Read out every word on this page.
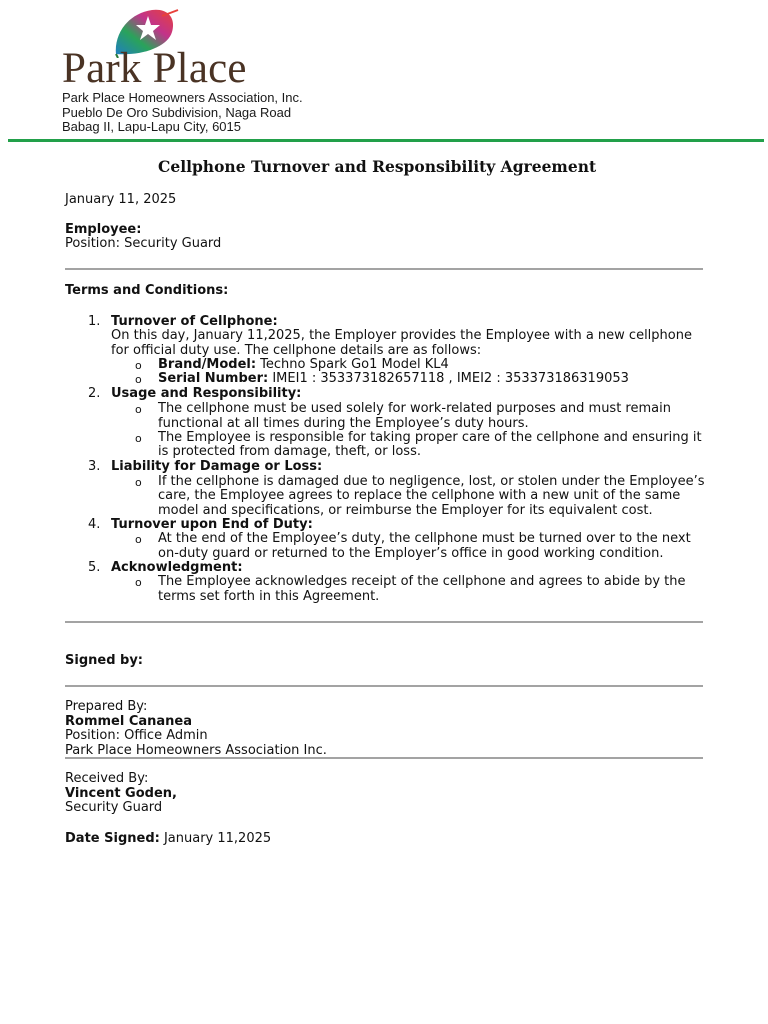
Park Place
Park Place Homeowners Association, Inc.
Pueblo De Oro Subdivision, Naga Road
Babag II, Lapu-Lapu City, 6015
Cellphone Turnover and Responsibility Agreement
January 11, 2025
Employee:
Position: Security Guard
Terms and Conditions:
1. Turnover of Cellphone:
On this day, January 11,2025, the Employer provides the Employee with a new cellphone
for official duty use. The cellphone details are as follows:
o Brand/Model: Techno Spark Go1 Model KL4
o Serial Number: IMEI1 : 353373182657118 , IMEI2 : 353373186319053
2. Usage and Responsibility:
o The cellphone must be used solely for work-related purposes and must remain
functional at all times during the Employee’s duty hours.
o The Employee is responsible for taking proper care of the cellphone and ensuring it
is protected from damage, theft, or loss.
3. Liability for Damage or Loss:
o If the cellphone is damaged due to negligence, lost, or stolen under the Employee’s
care, the Employee agrees to replace the cellphone with a new unit of the same
model and specifications, or reimburse the Employer for its equivalent cost.
4. Turnover upon End of Duty:
o At the end of the Employee’s duty, the cellphone must be turned over to the next
on-duty guard or returned to the Employer’s office in good working condition.
5. Acknowledgment:
o The Employee acknowledges receipt of the cellphone and agrees to abide by the
terms set forth in this Agreement.
Signed by:
Prepared By:
Rommel Cananea
Position: Office Admin
Park Place Homeowners Association Inc.
Received By:
Vincent Goden,
Security Guard
Date Signed: January 11,2025
